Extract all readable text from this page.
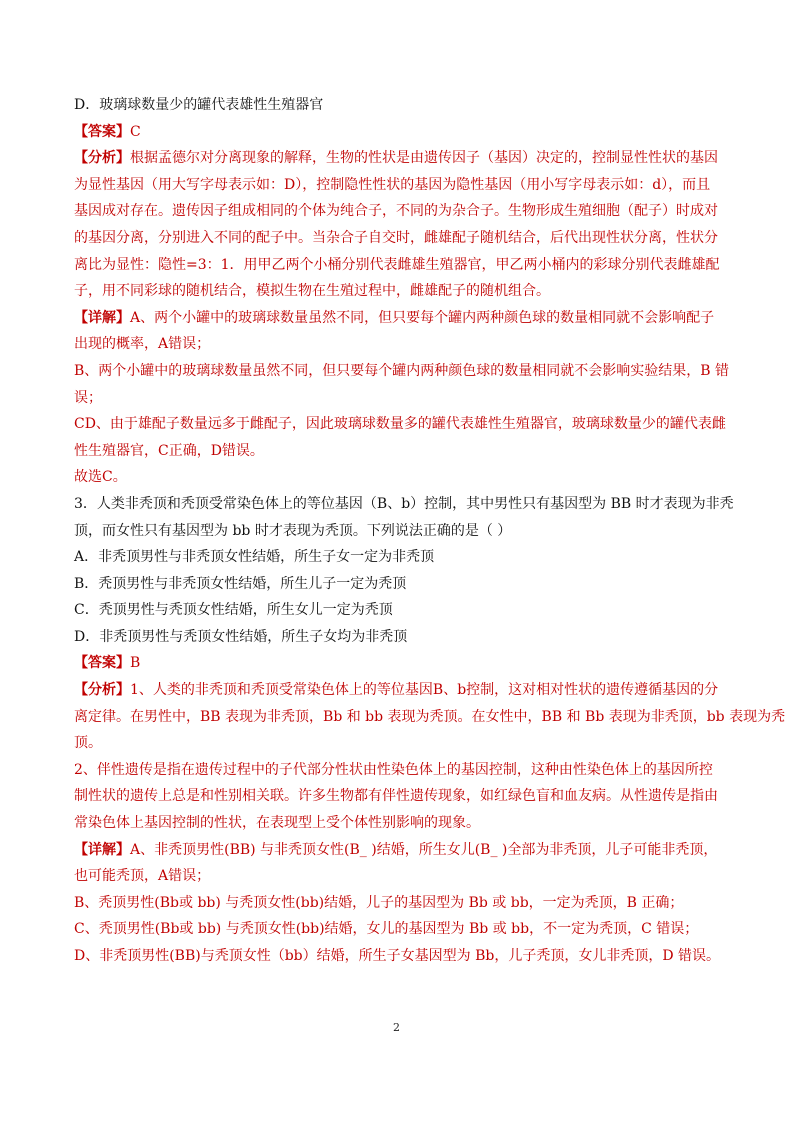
D．玻璃球数量少的罐代表雄性生殖器官
【答案】C
【分析】根据孟德尔对分离现象的解释，生物的性状是由遗传因子（基因）决定的，控制显性性状的基因
为显性基因（用大写字母表示如：D），控制隐性性状的基因为隐性基因（用小写字母表示如：d），而且
基因成对存在。遗传因子组成相同的个体为纯合子，不同的为杂合子。生物形成生殖细胞（配子）时成对
的基因分离，分别进入不同的配子中。当杂合子自交时，雌雄配子随机结合，后代出现性状分离，性状分
离比为显性：隐性=3：1．用甲乙两个小桶分别代表雌雄生殖器官，甲乙两小桶内的彩球分别代表雌雄配
子，用不同彩球的随机结合，模拟生物在生殖过程中，雌雄配子的随机组合。
【详解】A、两个小罐中的玻璃球数量虽然不同，但只要每个罐内两种颜色球的数量相同就不会影响配子
出现的概率，A错误；
B、两个小罐中的玻璃球数量虽然不同，但只要每个罐内两种颜色球的数量相同就不会影响实验结果，B 错
误；
CD、由于雄配子数量远多于雌配子，因此玻璃球数量多的罐代表雄性生殖器官，玻璃球数量少的罐代表雌
性生殖器官，C正确，D错误。
故选C。
3．人类非秃顶和秃顶受常染色体上的等位基因（B、b）控制，其中男性只有基因型为 BB 时才表现为非秃
顶，而女性只有基因型为 bb 时才表现为秃顶。下列说法正确的是（ ）
A．非秃顶男性与非秃顶女性结婚，所生子女一定为非秃顶
B．秃顶男性与非秃顶女性结婚，所生儿子一定为秃顶
C．秃顶男性与秃顶女性结婚，所生女儿一定为秃顶
D．非秃顶男性与秃顶女性结婚，所生子女均为非秃顶
【答案】B
【分析】1、人类的非秃顶和秃顶受常染色体上的等位基因B、b控制，这对相对性状的遗传遵循基因的分
离定律。在男性中，BB 表现为非秃顶，Bb 和 bb 表现为秃顶。在女性中，BB 和 Bb 表现为非秃顶，bb 表现为秃
顶。
2、伴性遗传是指在遗传过程中的子代部分性状由性染色体上的基因控制，这种由性染色体上的基因所控
制性状的遗传上总是和性别相关联。许多生物都有伴性遗传现象，如红绿色盲和血友病。从性遗传是指由
常染色体上基因控制的性状，在表现型上受个体性别影响的现象。
【详解】A、非秃顶男性(BB) 与非秃顶女性(B_ )结婚，所生女儿(B_ )全部为非秃顶，儿子可能非秃顶，
也可能秃顶，A错误；
B、秃顶男性(Bb或 bb) 与秃顶女性(bb)结婚，儿子的基因型为 Bb 或 bb，一定为秃顶，B 正确；
C、秃顶男性(Bb或 bb) 与秃顶女性(bb)结婚，女儿的基因型为 Bb 或 bb，不一定为秃顶，C 错误；
D、非秃顶男性(BB)与秃顶女性（bb）结婚，所生子女基因型为 Bb，儿子秃顶，女儿非秃顶，D 错误。
2
